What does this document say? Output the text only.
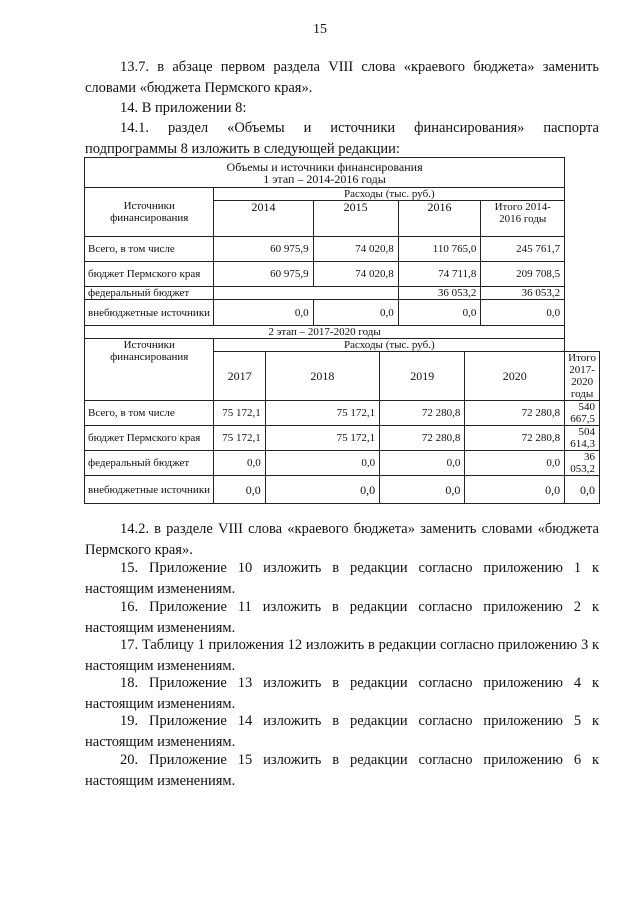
15
13.7. в абзаце первом раздела VIII слова «краевого бюджета» заменить словами «бюджета Пермского края».
14. В приложении 8:
14.1. раздел «Объемы и источники финансирования» паспорта подпрограммы 8 изложить в следующей редакции:
Объемы и источники финансирования
1 этап – 2014-2016 годы								

Источники финансирования	Расходы (тыс. руб.)							
	2014		2015		2016		Итого 2014-2016 годы	
Всего, в том числе	60 975,9		74 020,8		110 765,0		245 761,7	
бюджет Пермского края	60 975,9		74 020,8		74 711,8		209 708,5	
федеральный бюджет					36 053,2		36 053,2	
внебюджетные источники	0,0		0,0		0,0		0,0	
2 этап – 2017-2020 годы								
Источники финансирования	Расходы (тыс. руб.)							
	2017	2018		2019		2020		Итого 2017-2020 годы
Всего, в том числе	75 172,1	75 172,1		72 280,8		72 280,8		540 667,5
бюджет Пермского края	75 172,1	75 172,1		72 280,8		72 280,8		504 614,3
федеральный бюджет	0,0	0,0		0,0		0,0		36 053,2
внебюджетные источники	0,0	0,0		0,0		0,0		0,0
14.2. в разделе VIII слова «краевого бюджета» заменить словами «бюджета Пермского края».
15. Приложение 10 изложить в редакции согласно приложению 1 к настоящим изменениям.
16. Приложение 11 изложить в редакции согласно приложению 2 к настоящим изменениям.
17. Таблицу 1 приложения 12 изложить в редакции согласно приложению 3 к настоящим изменениям.
18. Приложение 13 изложить в редакции согласно приложению 4 к настоящим изменениям.
19. Приложение 14 изложить в редакции согласно приложению 5 к настоящим изменениям.
20. Приложение 15 изложить в редакции согласно приложению 6 к настоящим изменениям.
